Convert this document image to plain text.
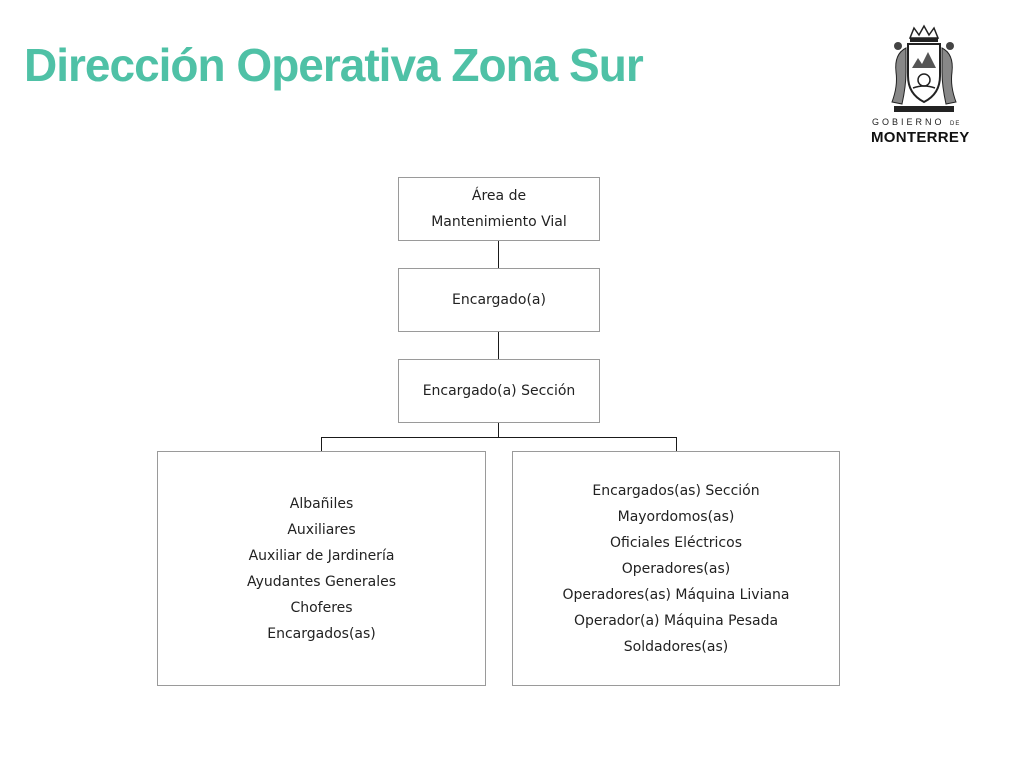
Dirección Operativa Zona Sur
GOBIERNO DE
MONTERREY
Área de
Mantenimiento Vial
Encargado(a)
Encargado(a) Sección
Albañiles
Auxiliares
Auxiliar de Jardinería
Ayudantes Generales
Choferes
Encargados(as)
Encargados(as) Sección
Mayordomos(as)
Oficiales Eléctricos
Operadores(as)
Operadores(as) Máquina Liviana
Operador(a) Máquina Pesada
Soldadores(as)
